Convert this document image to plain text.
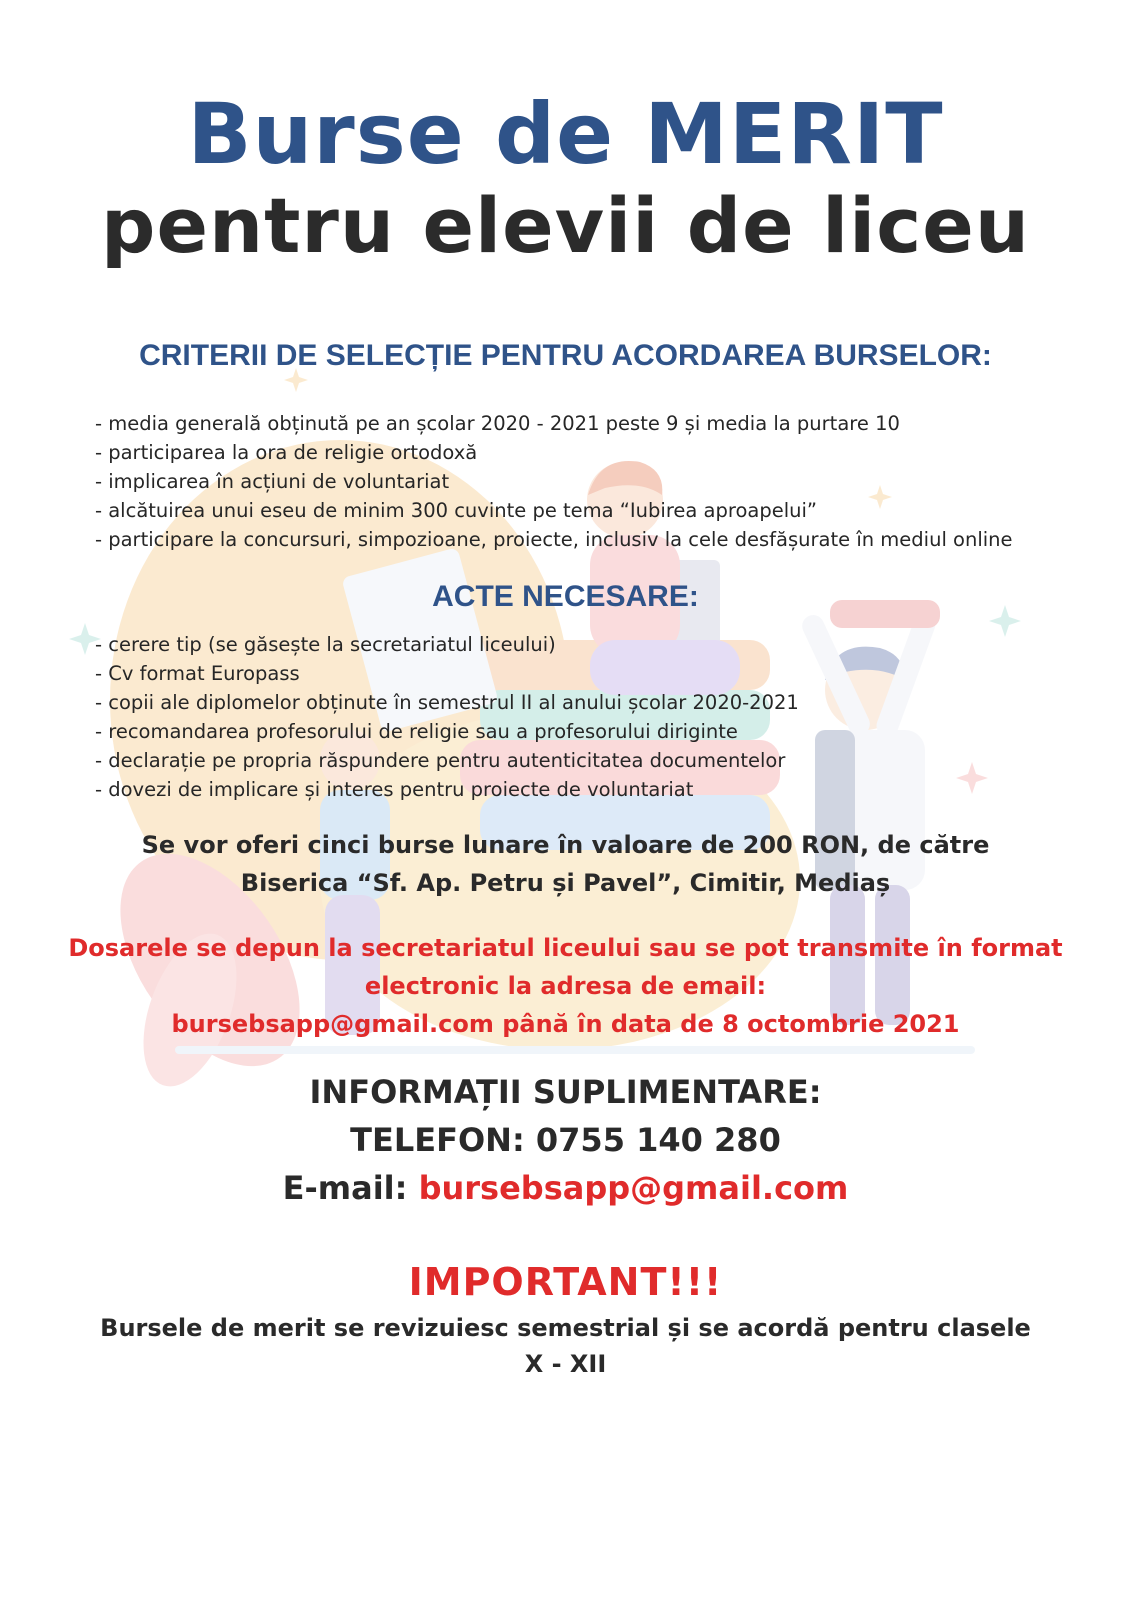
Burse de MERIT
pentru elevii de liceu
CRITERII DE SELECȚIE PENTRU ACORDAREA BURSELOR:
- media generală obținută pe an școlar 2020 - 2021 peste 9 și media la purtare 10
- participarea la ora de religie ortodoxă
- implicarea în acțiuni de voluntariat
- alcătuirea unui eseu de minim 300 cuvinte pe tema “Iubirea aproapelui”
- participare la concursuri, simpozioane, proiecte, inclusiv la cele desfășurate în mediul online
ACTE NECESARE:
- cerere tip (se găsește la secretariatul liceului)
- Cv format Europass
- copii ale diplomelor obținute în semestrul II al anului școlar 2020-2021
- recomandarea profesorului de religie sau a profesorului diriginte
- declarație pe propria răspundere pentru autenticitatea documentelor
- dovezi de implicare și interes pentru proiecte de voluntariat
Se vor oferi cinci burse lunare în valoare de 200 RON, de către
Biserica “Sf. Ap. Petru și Pavel”, Cimitir, Mediaș
Dosarele se depun la secretariatul liceului sau se pot transmite în format
electronic la adresa de email:
bursebsapp@gmail.com până în data de 8 octombrie 2021
INFORMAȚII SUPLIMENTARE:
TELEFON: 0755 140 280
E-mail: bursebsapp@gmail.com
IMPORTANT!!!
Bursele de merit se revizuiesc semestrial și se acordă pentru clasele
X - XII
